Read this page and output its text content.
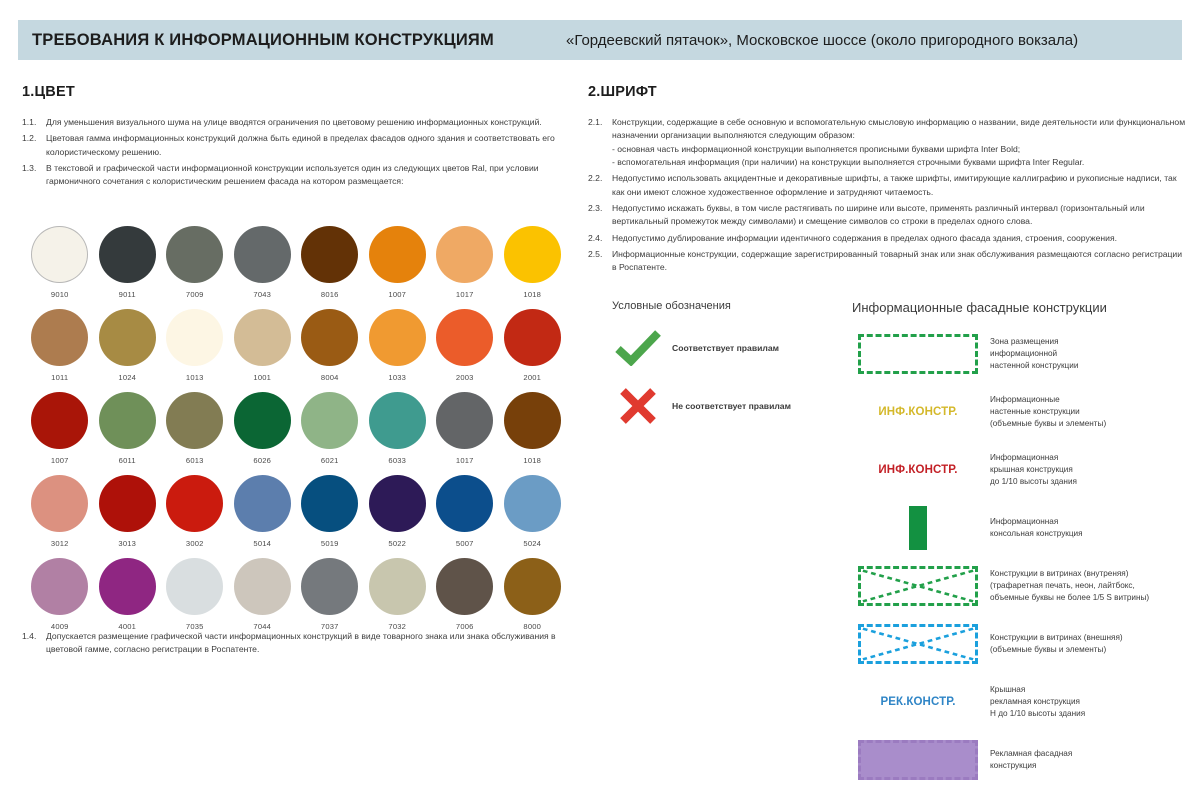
ТРЕБОВАНИЯ К ИНФОРМАЦИОННЫМ КОНСТРУКЦИЯМ	«Гордеевский пятачок», Московское шоссе (около пригородного вокзала)
1.ЦВЕТ
1.1.	Для уменьшения визуального шума на улице вводятся ограничения по цветовому решению информационных конструкций.
1.2.	Цветовая гамма информационных конструкций должна быть единой в пределах фасадов одного здания и соответствовать его колористическому решению.
1.3.	В текстовой и графической части информационной конструкции используется один из следующих цветов Ral, при условии гармоничного сочетания с колористическим решением фасада на котором размещается:
9010	9011	7009	7043	8016	1007	1017	1018
1011	1024	1013	1001	8004	1033	2003	2001
1007	6011	6013	6026	6021	6033	1017	1018
3012	3013	3002	5014	5019	5022	5007	5024
4009	4001	7035	7044	7037	7032	7006	8000
1.4.	Допускается размещение графической части информационных конструкций в виде товарного знака или знака обслуживания в цветовой гамме, согласно регистрации в Роспатенте.
2.ШРИФТ
2.1.	Конструкции, содержащие в себе основную и вспомогательную смысловую информацию о названии, виде деятельности или функциональном назначении организации выполняются следующим образом:
- основная часть информационной конструкции выполняется прописными буквами шрифта Inter Bold;
- вспомогательная информация (при наличии) на конструкции выполняется строчными буквами шрифта Inter Regular.
2.2.	Недопустимо использовать акцидентные и декоративные шрифты, а также шрифты, имитирующие каллиграфию и рукописные надписи, так как они имеют сложное художественное оформление и затрудняют читаемость.
2.3.	Недопустимо искажать буквы, в том числе растягивать по ширине или высоте, применять различный интервал (горизонтальный или вертикальный промежуток между символами) и смещение символов со строки в пределах одного слова.
2.4.	Недопустимо дублирование информации идентичного содержания в пределах одного фасада здания, строения, сооружения.
2.5.	Информационные конструкции, содержащие зарегистрированный товарный знак или знак обслуживания размещаются согласно регистрации в Роспатенте.
Условные обозначения
Соответствует правилам
Не соответствует правилам
Информационные фасадные конструкции
Зона размещения
информационной
настенной конструкции
ИНФ.КОНСТР.
Информационные
настенные конструкции
(объемные буквы и элементы)
ИНФ.КОНСТР.
Информационная
крышная конструкция
до 1/10 высоты здания
Информационная
консольная конструкция
Конструкции в витринах (внутреняя)
(трафаретная печать, неон, лайтбокс,
объемные буквы не более 1/5 S витрины)
Конструкции в витринах (внешняя)
(объемные буквы и элементы)
РЕК.КОНСТР.
Крышная
рекламная конструкция
Н до 1/10 высоты здания
Рекламная фасадная
конструкция
